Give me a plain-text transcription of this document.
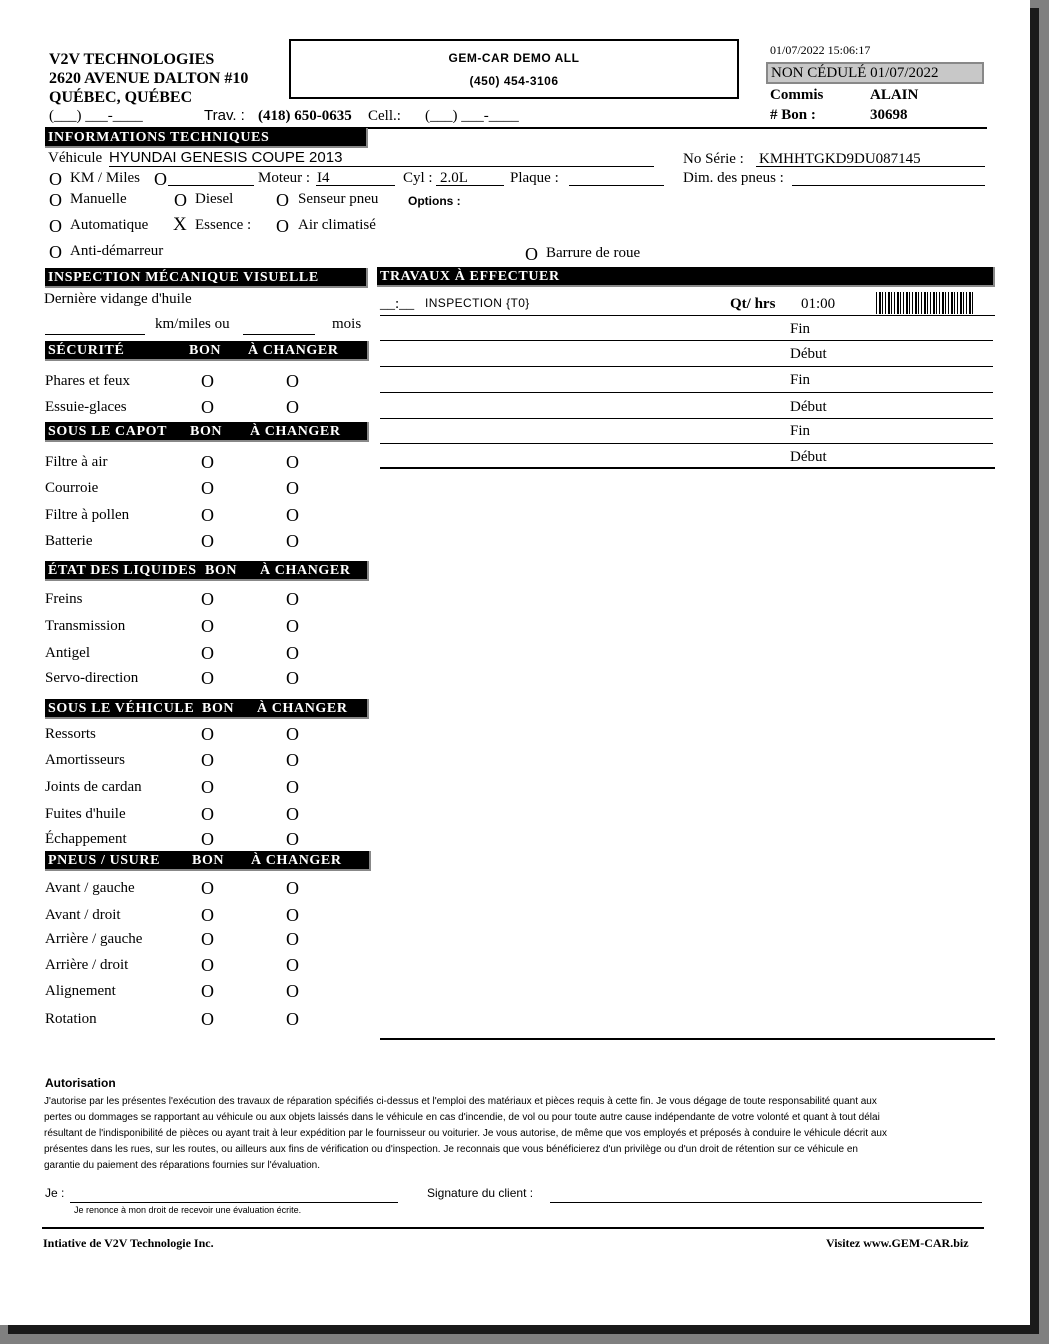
V2V TECHNOLOGIES
2620 AVENUE DALTON #10
QUÉBEC, QUÉBEC
(___) ___-____	Trav. : (418) 650-0635 Cell.: (___) ___-____
GEM-CAR DEMO ALL
(450) 454-3106
01/07/2022 15:06:17
NON CÉDULÉ 01/07/2022
Commis	ALAIN
# Bon :	30698
INFORMATIONS TECHNIQUES
Véhicule HYUNDAI GENESIS COUPE 2013	No Série : KMHHTGKD9DU087145
O KM / Miles O	Moteur : I4	Cyl : 2.0L	Plaque :	Dim. des pneus :
O Manuelle	O Diesel O Senseur pneu Options :
O Automatique X Essence : O Air climatisé
O Anti-démarreur	O Barrure de roue
INSPECTION MÉCANIQUE VISUELLE
Dernière vidange d'huile
km/miles ou	mois
SÉCURITÉ	BON À CHANGER
Phares et feux	O	O
Essuie-glaces	O	O
SOUS LE CAPOT BON À CHANGER
Filtre à air	O	O
Courroie	O	O
Filtre à pollen	O	O
Batterie	O	O
ÉTAT DES LIQUIDES BON À CHANGER
Freins	O	O
Transmission	O	O
Antigel	O	O
Servo-direction	O	O
SOUS LE VÉHICULE BON À CHANGER
Ressorts	O	O
Amortisseurs	O	O
Joints de cardan	O	O
Fuites d'huile	O	O
Échappement	O	O
PNEUS / USURE BON À CHANGER
Avant / gauche	O	O
Avant / droit	O	O
Arrière / gauche	O	O
Arrière / droit	O	O
Alignement	O	O
Rotation	O	O
TRAVAUX À EFFECTUER
__:__ INSPECTION {T0}	Qt/ hrs 01:00
Fin
Début
Fin
Début
Fin
Début
Autorisation
J'autorise par les présentes l'exécution des travaux de réparation spécifiés ci-dessus et l'emploi des matériaux et pièces requis à cette fin. Je vous dégage de toute responsabilité quant aux
pertes ou dommages se rapportant au véhicule ou aux objets laissés dans le véhicule en cas d'incendie, de vol ou pour toute autre cause indépendante de votre volonté et quant à tout délai
résultant de l'indisponibilité de pièces ou ayant trait à leur expédition par le fournisseur ou voiturier. Je vous autorise, de même que vos employés et préposés à conduire le véhicule décrit aux
présentes dans les rues, sur les routes, ou ailleurs aux fins de vérification ou d'inspection. Je reconnais que vous bénéficierez d'un privilège ou d'un droit de rétention sur ce véhicule en
garantie du paiement des réparations fournies sur l'évaluation.
Je :
Je renonce à mon droit de recevoir une évaluation écrite.
Signature du client :
Intiative de V2V Technologie Inc.	Visitez www.GEM-CAR.biz
